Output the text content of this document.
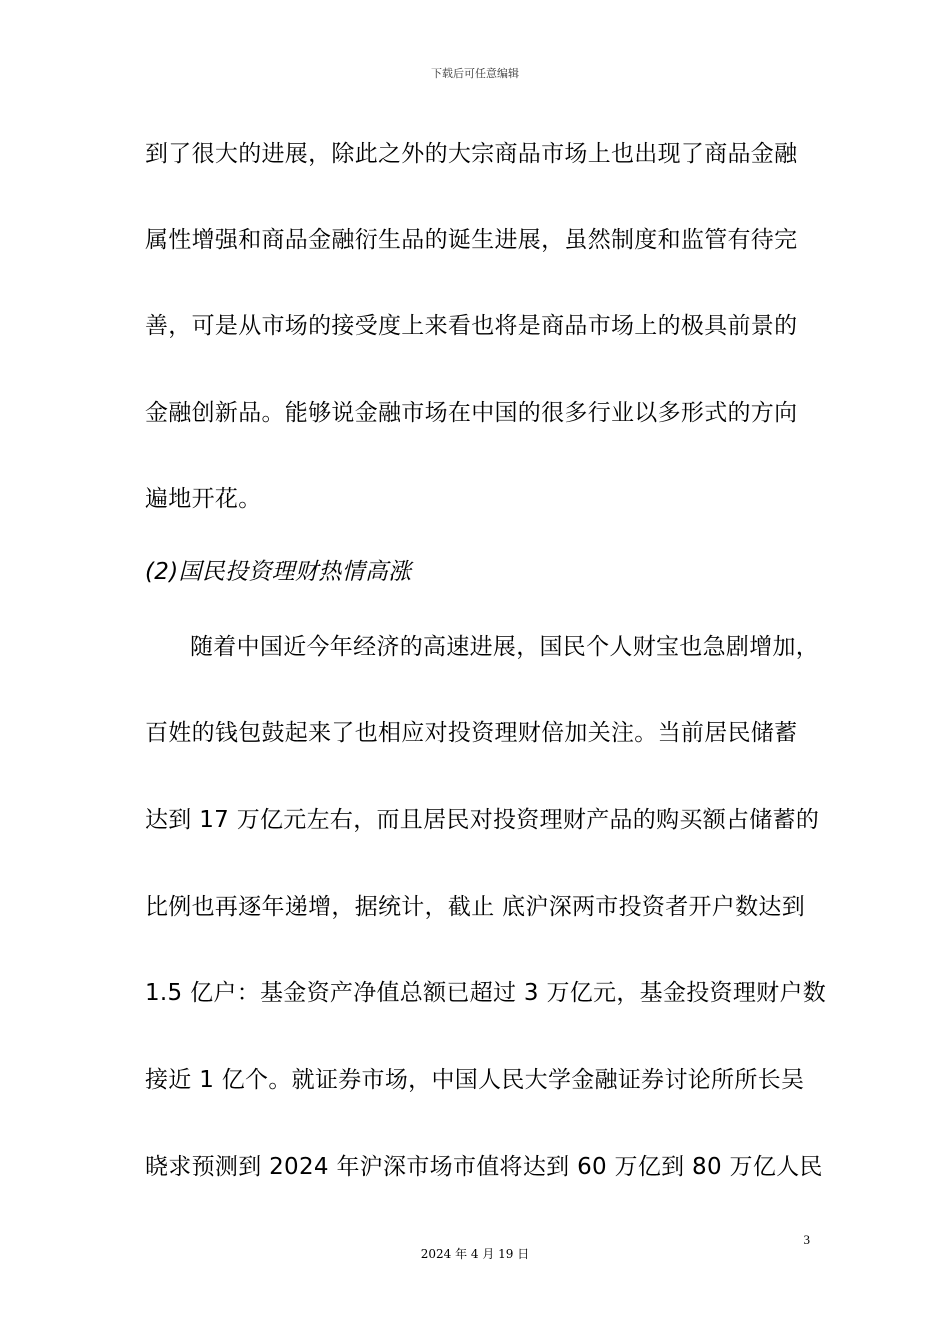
下载后可任意编辑
到了很大的进展，除此之外的大宗商品市场上也出现了商品金融
属性增强和商品金融衍生品的诞生进展，虽然制度和监管有待完
善，可是从市场的接受度上来看也将是商品市场上的极具前景的
金融创新品。能够说金融市场在中国的很多行业以多形式的方向
遍地开花。
(2)国民投资理财热情高涨
随着中国近今年经济的高速进展，国民个人财宝也急剧增加，
百姓的钱包鼓起来了也相应对投资理财倍加关注。当前居民储蓄
达到 17 万亿元左右，而且居民对投资理财产品的购买额占储蓄的
比例也再逐年递增，据统计，截止 底沪深两市投资者开户数达到
1.5 亿户：基金资产净值总额已超过 3 万亿元，基金投资理财户数
接近 1 亿个。就证券市场，中国人民大学金融证券讨论所所长吴
晓求预测到 2024 年沪深市场市值将达到 60 万亿到 80 万亿人民
3
2024 年 4 月 19 日
